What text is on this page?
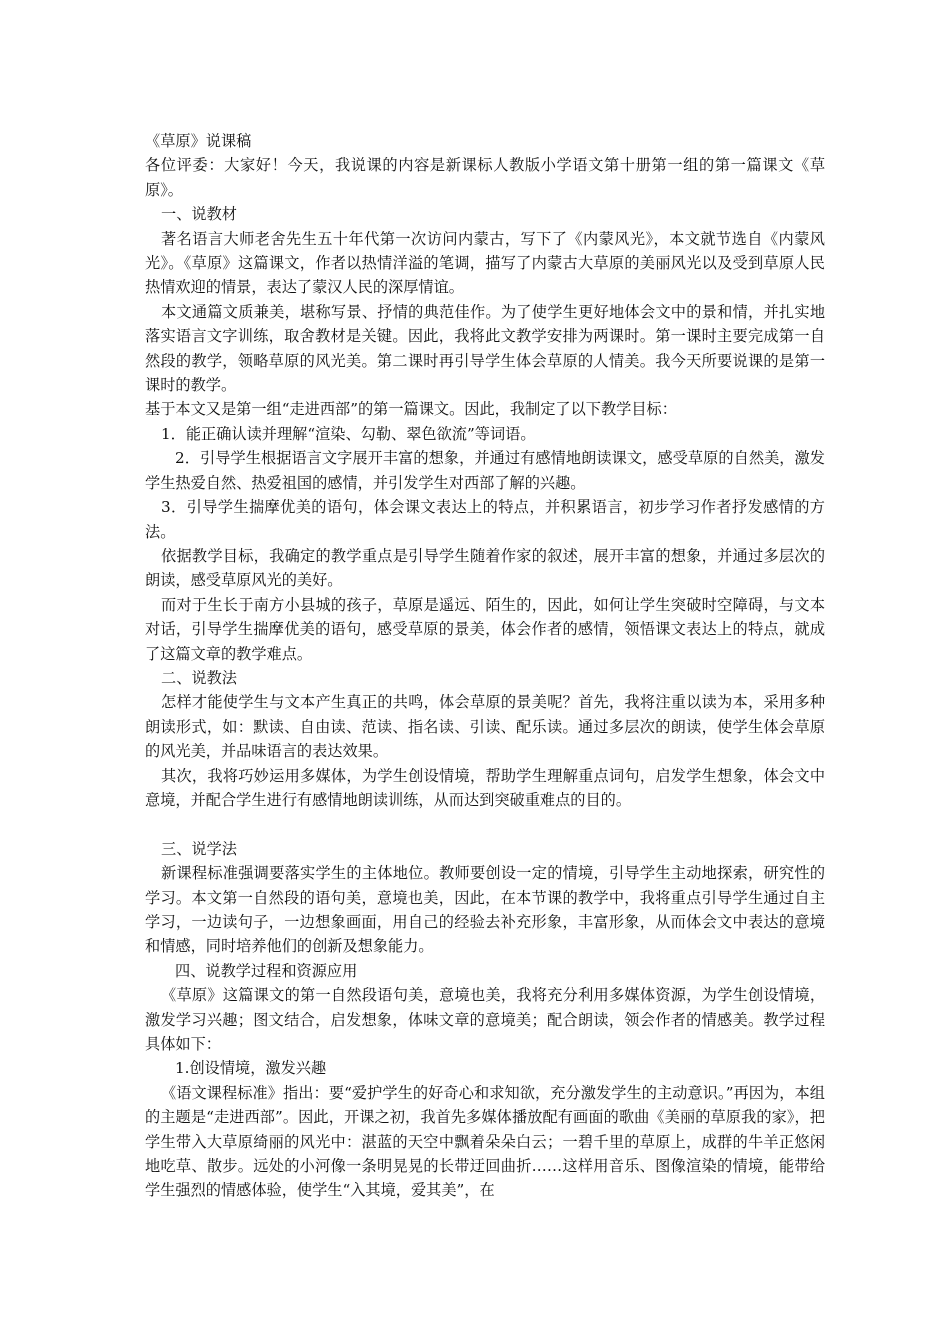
《草原》说课稿

各位评委：大家好！今天，我说课的内容是新课标人教版小学语文第十册第一组的第一篇课文《草原》。

一、说教材

著名语言大师老舍先生五十年代第一次访问内蒙古，写下了《内蒙风光》，本文就节选自《内蒙风光》。《草原》这篇课文，作者以热情洋溢的笔调，描写了内蒙古大草原的美丽风光以及受到草原人民热情欢迎的情景，表达了蒙汉人民的深厚情谊。

本文通篇文质兼美，堪称写景、抒情的典范佳作。为了使学生更好地体会文中的景和情，并扎实地落实语言文字训练，取舍教材是关键。因此，我将此文教学安排为两课时。第一课时主要完成第一自然段的教学，领略草原的风光美。第二课时再引导学生体会草原的人情美。我今天所要说课的是第一课时的教学。

基于本文又是第一组“走进西部”的第一篇课文。因此，我制定了以下教学目标：

1．能正确认读并理解“渲染、勾勒、翠色欲流”等词语。

2．引导学生根据语言文字展开丰富的想象，并通过有感情地朗读课文，感受草原的自然美，激发学生热爱自然、热爱祖国的感情，并引发学生对西部了解的兴趣。

3．引导学生揣摩优美的语句，体会课文表达上的特点，并积累语言，初步学习作者抒发感情的方法。

依据教学目标，我确定的教学重点是引导学生随着作家的叙述，展开丰富的想象，并通过多层次的朗读，感受草原风光的美好。

而对于生长于南方小县城的孩子，草原是遥远、陌生的，因此，如何让学生突破时空障碍，与文本对话，引导学生揣摩优美的语句，感受草原的景美，体会作者的感情，领悟课文表达上的特点，就成了这篇文章的教学难点。

二、说教法

怎样才能使学生与文本产生真正的共鸣，体会草原的景美呢？首先，我将注重以读为本，采用多种朗读形式，如：默读、自由读、范读、指名读、引读、配乐读。通过多层次的朗读，使学生体会草原的风光美，并品味语言的表达效果。

其次，我将巧妙运用多媒体，为学生创设情境，帮助学生理解重点词句，启发学生想象，体会文中意境，并配合学生进行有感情地朗读训练，从而达到突破重难点的目的。

三、说学法

新课程标准强调要落实学生的主体地位。教师要创设一定的情境，引导学生主动地探索，研究性的学习。本文第一自然段的语句美，意境也美，因此，在本节课的教学中，我将重点引导学生通过自主学习，一边读句子，一边想象画面，用自己的经验去补充形象，丰富形象，从而体会文中表达的意境和情感，同时培养他们的创新及想象能力。

四、说教学过程和资源应用

《草原》这篇课文的第一自然段语句美，意境也美，我将充分利用多媒体资源，为学生创设情境，激发学习兴趣；图文结合，启发想象，体味文章的意境美；配合朗读，领会作者的情感美。教学过程具体如下：

1.创设情境，激发兴趣

《语文课程标准》指出：要“爱护学生的好奇心和求知欲，充分激发学生的主动意识。”再因为，本组的主题是“走进西部”。因此，开课之初，我首先多媒体播放配有画面的歌曲《美丽的草原我的家》，把学生带入大草原绮丽的风光中：湛蓝的天空中飘着朵朵白云；一碧千里的草原上，成群的牛羊正悠闲地吃草、散步。远处的小河像一条明晃晃的长带迂回曲折……这样用音乐、图像渲染的情境，能带给学生强烈的情感体验，使学生“入其境，爱其美”，在
